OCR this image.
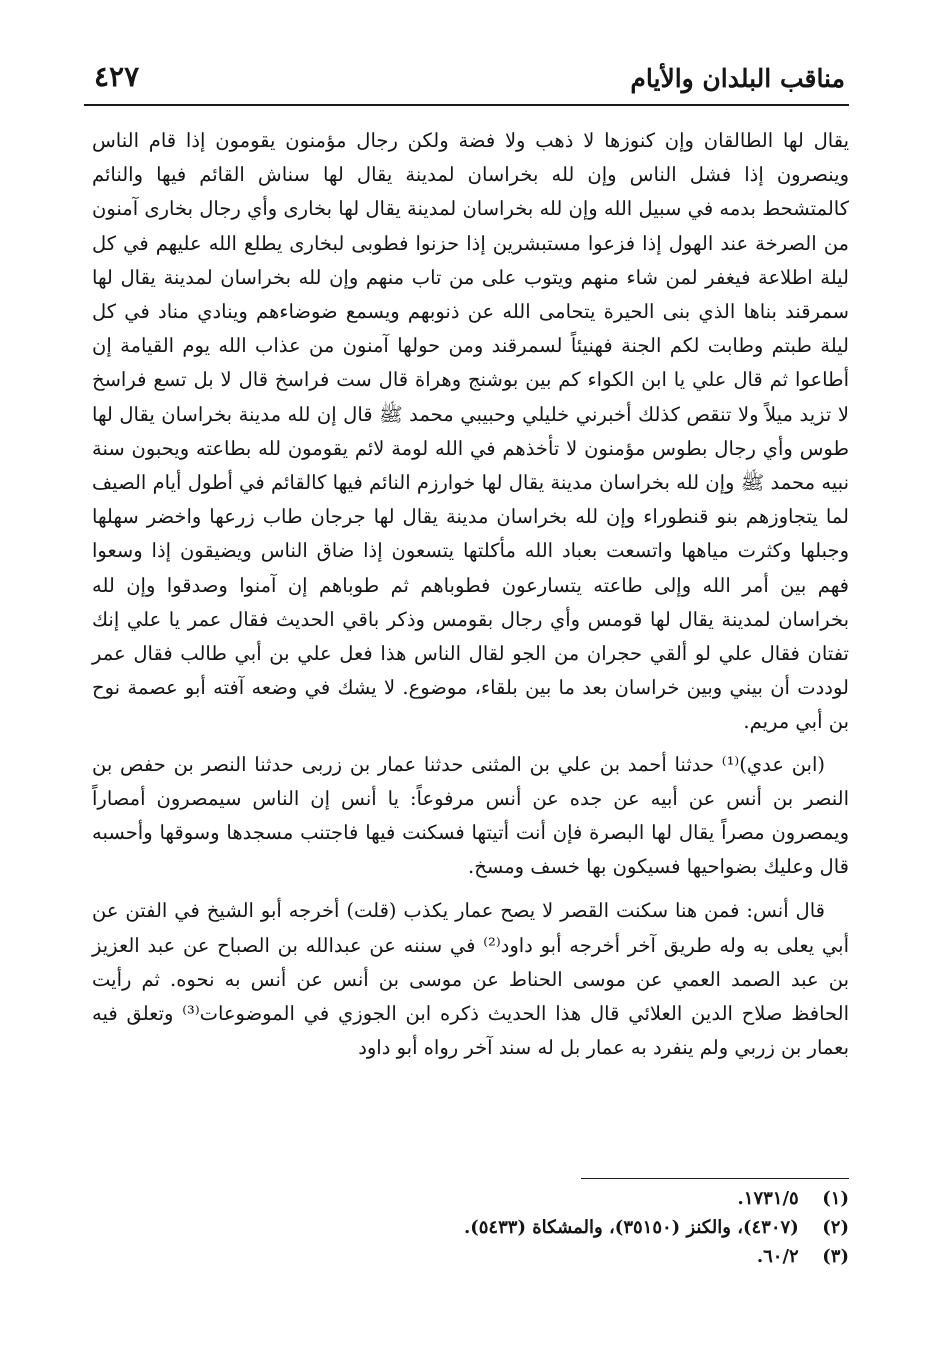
مناقب البلدان والأيام
٤٢٧

يقال لها الطالقان وإن كنوزها لا ذهب ولا فضة ولكن رجال مؤمنون يقومون إذا قام الناس وينصرون إذا فشل الناس وإن لله بخراسان لمدينة يقال لها سناش القائم فيها والنائم كالمتشحط بدمه في سبيل الله وإن لله بخراسان لمدينة يقال لها بخارى وأي رجال بخارى آمنون من الصرخة عند الهول إذا فزعوا مستبشرين إذا حزنوا فطوبى لبخارى يطلع الله عليهم في كل ليلة اطلاعة فيغفر لمن شاء منهم ويتوب على من تاب منهم وإن لله بخراسان لمدينة يقال لها سمرقند بناها الذي بنى الحيرة يتحامى الله عن ذنوبهم ويسمع ضوضاءهم وينادي مناد في كل ليلة طبتم وطابت لكم الجنة فهنيئاً لسمرقند ومن حولها آمنون من عذاب الله يوم القيامة إن أطاعوا ثم قال علي يا ابن الكواء كم بين بوشنج وهراة قال ست فراسخ قال لا بل تسع فراسخ لا تزيد ميلاً ولا تنقص كذلك أخبرني خليلي وحبيبي محمد ﷺ قال إن لله مدينة بخراسان يقال لها طوس وأي رجال بطوس مؤمنون لا تأخذهم في الله لومة لائم يقومون لله بطاعته ويحبون سنة نبيه محمد ﷺ وإن لله بخراسان مدينة يقال لها خوارزم النائم فيها كالقائم في أطول أيام الصيف لما يتجاوزهم بنو قنطوراء وإن لله بخراسان مدينة يقال لها جرجان طاب زرعها واخضر سهلها وجبلها وكثرت مياهها واتسعت بعباد الله مأكلتها يتسعون إذا ضاق الناس ويضيقون إذا وسعوا فهم بين أمر الله وإلى طاعته يتسارعون فطوباهم ثم طوباهم إن آمنوا وصدقوا وإن لله بخراسان لمدينة يقال لها قومس وأي رجال بقومس وذكر باقي الحديث فقال عمر يا علي إنك تفتان فقال علي لو ألقي حجران من الجو لقال الناس هذا فعل علي بن أبي طالب فقال عمر لوددت أن بيني وبين خراسان بعد ما بين بلقاء، موضوع. لا يشك في وضعه آفته أبو عصمة نوح بن أبي مريم.

(ابن عدي)⁽¹⁾ حدثنا أحمد بن علي بن المثنى حدثنا عمار بن زربى حدثنا النصر بن حفص بن النصر بن أنس عن أبيه عن جده عن أنس مرفوعاً: يا أنس إن الناس سيمصرون أمصاراً ويمصرون مصراً يقال لها البصرة فإن أنت أتيتها فسكنت فيها فاجتنب مسجدها وسوقها وأحسبه قال وعليك بضواحيها فسيكون بها خسف ومسخ.

قال أنس: فمن هنا سكنت القصر لا يصح عمار يكذب (قلت) أخرجه أبو الشيخ في الفتن عن أبي يعلى به وله طريق آخر أخرجه أبو داود⁽²⁾ في سننه عن عبدالله بن الصباح عن عبد العزيز بن عبد الصمد العمي عن موسى الحناط عن موسى بن أنس عن أنس به نحوه. ثم رأيت الحافظ صلاح الدين العلائي قال هذا الحديث ذكره ابن الجوزي في الموضوعات⁽³⁾ وتعلق فيه بعمار بن زربي ولم ينفرد به عمار بل له سند آخر رواه أبو داود

(١) ١٧٣١/٥.
(٢) (٤٣٠٧)، والكنز (٣٥١٥٠)، والمشكاة (٥٤٣٣).
(٣) ٦٠/٢.
